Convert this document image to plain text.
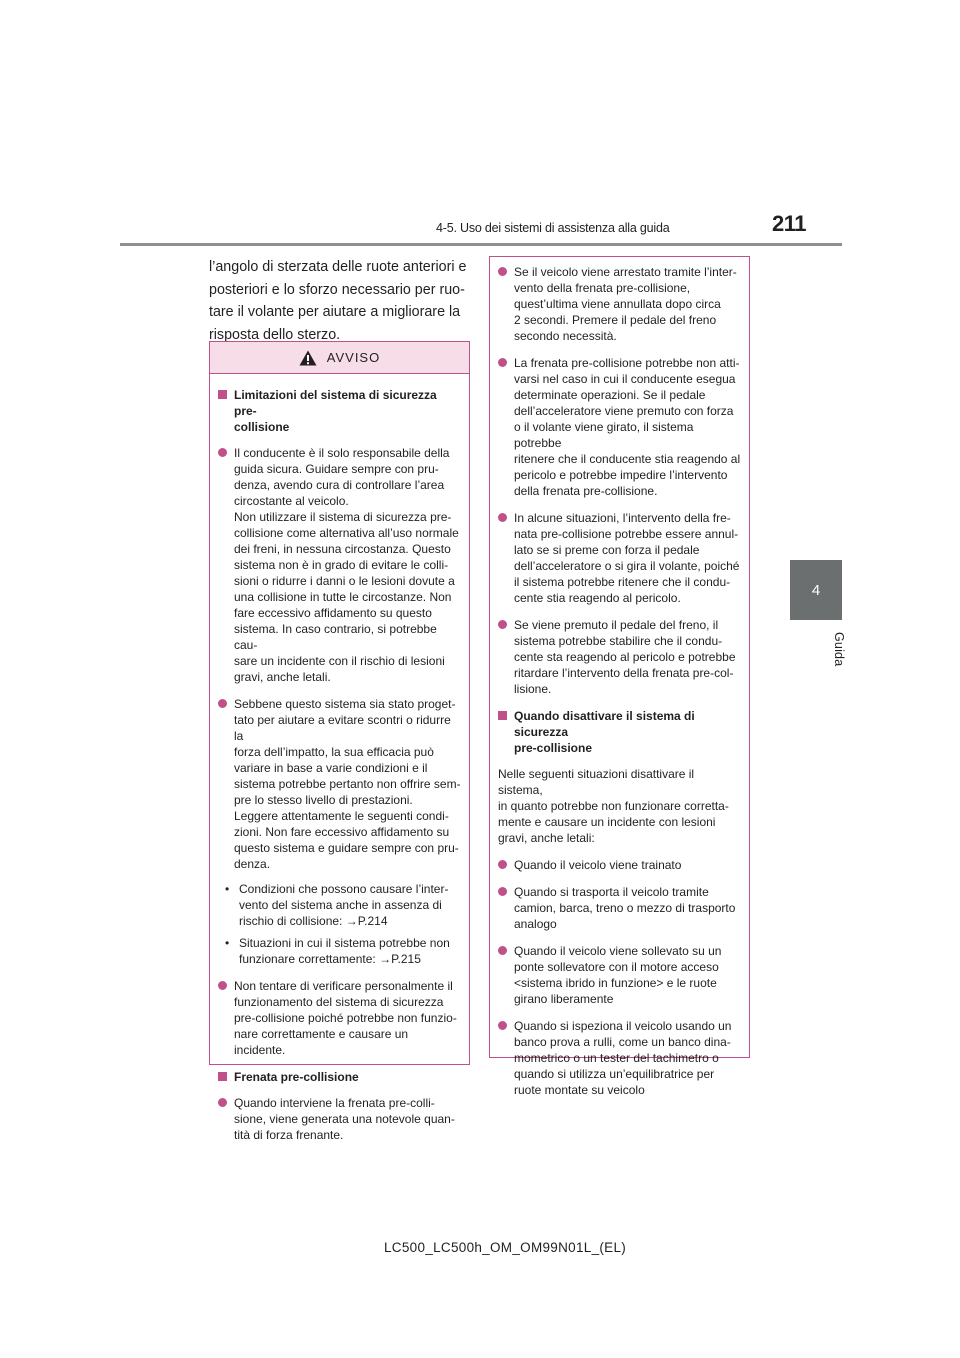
4-5. Uso dei sistemi di assistenza alla guida	211
4
Guida

l’angolo di sterzata delle ruote anteriori e
posteriori e lo sforzo necessario per ruo-
tare il volante per aiutare a migliorare la
risposta dello sterzo.

AVVISO
Limitazioni del sistema di sicurezza pre-
collisione
Il conducente è il solo responsabile della
guida sicura. Guidare sempre con pru-
denza, avendo cura di controllare l’area
circostante al veicolo.
Non utilizzare il sistema di sicurezza pre-
collisione come alternativa all’uso normale
dei freni, in nessuna circostanza. Questo
sistema non è in grado di evitare le colli-
sioni o ridurre i danni o le lesioni dovute a
una collisione in tutte le circostanze. Non
fare eccessivo affidamento su questo
sistema. In caso contrario, si potrebbe cau-
sare un incidente con il rischio di lesioni
gravi, anche letali.
Sebbene questo sistema sia stato proget-
tato per aiutare a evitare scontri o ridurre la
forza dell’impatto, la sua efficacia può
variare in base a varie condizioni e il
sistema potrebbe pertanto non offrire sem-
pre lo stesso livello di prestazioni.
Leggere attentamente le seguenti condi-
zioni. Non fare eccessivo affidamento su
questo sistema e guidare sempre con pru-
denza.
• Condizioni che possono causare l’inter-
vento del sistema anche in assenza di
rischio di collisione: →P.214
• Situazioni in cui il sistema potrebbe non
funzionare correttamente: →P.215
Non tentare di verificare personalmente il
funzionamento del sistema di sicurezza
pre-collisione poiché potrebbe non funzio-
nare correttamente e causare un incidente.
Frenata pre-collisione
Quando interviene la frenata pre-colli-
sione, viene generata una notevole quan-
tità di forza frenante.
Se il veicolo viene arrestato tramite l’inter-
vento della frenata pre-collisione,
quest’ultima viene annullata dopo circa
2 secondi. Premere il pedale del freno
secondo necessità.
La frenata pre-collisione potrebbe non atti-
varsi nel caso in cui il conducente esegua
determinate operazioni. Se il pedale
dell’acceleratore viene premuto con forza
o il volante viene girato, il sistema potrebbe
ritenere che il conducente stia reagendo al
pericolo e potrebbe impedire l’intervento
della frenata pre-collisione.
In alcune situazioni, l’intervento della fre-
nata pre-collisione potrebbe essere annul-
lato se si preme con forza il pedale
dell’acceleratore o si gira il volante, poiché
il sistema potrebbe ritenere che il condu-
cente stia reagendo al pericolo.
Se viene premuto il pedale del freno, il
sistema potrebbe stabilire che il condu-
cente sta reagendo al pericolo e potrebbe
ritardare l’intervento della frenata pre-col-
lisione.
Quando disattivare il sistema di sicurezza
pre-collisione

Nelle seguenti situazioni disattivare il sistema,
in quanto potrebbe non funzionare corretta-
mente e causare un incidente con lesioni
gravi, anche letali:

Quando il veicolo viene trainato
Quando si trasporta il veicolo tramite
camion, barca, treno o mezzo di trasporto
analogo
Quando il veicolo viene sollevato su un
ponte sollevatore con il motore acceso
<sistema ibrido in funzione> e le ruote
girano liberamente
Quando si ispeziona il veicolo usando un
banco prova a rulli, come un banco dina-
mometrico o un tester del tachimetro o
quando si utilizza un’equilibratrice per
ruote montate su veicolo
LC500_LC500h_OM_OM99N01L_(EL)
